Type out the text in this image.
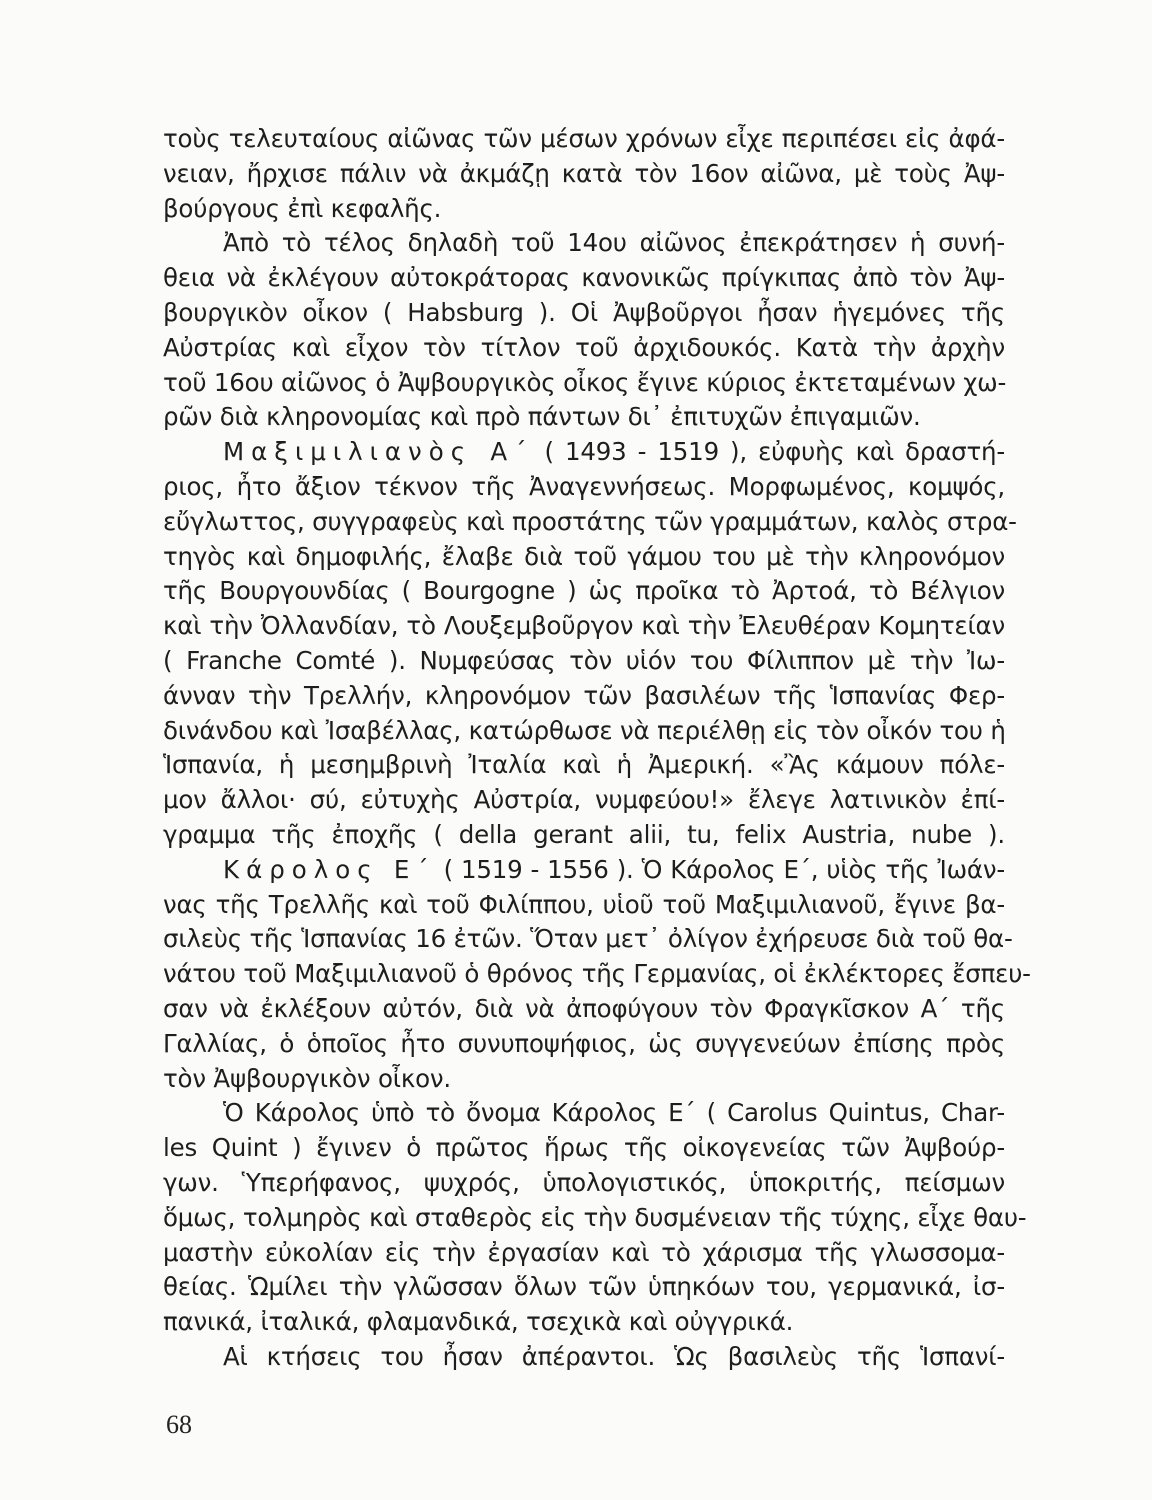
τοὺς τελευταίους αἰῶνας τῶν μέσων χρόνων εἶχε περιπέσει εἰς ἀφά-
νειαν, ἤρχισε πάλιν νὰ ἀκμάζῃ κατὰ τὸν 16ον αἰῶνα, μὲ τοὺς Ἀψ-
βούργους ἐπὶ κεφαλῆς.
Ἀπὸ τὸ τέλος δηλαδὴ τοῦ 14ου αἰῶνος ἐπεκράτησεν ἡ συνή-
θεια νὰ ἐκλέγουν αὐτοκράτορας κανονικῶς πρίγκιπας ἀπὸ τὸν Ἀψ-
βουργικὸν οἶκον ( Habsburg ). Οἱ Ἀψβοῦργοι ἦσαν ἡγεμόνες τῆς
Αὐστρίας καὶ εἶχον τὸν τίτλον τοῦ ἀρχιδουκός. Κατὰ τὴν ἀρχὴν
τοῦ 16ου αἰῶνος ὁ Ἀψβουργικὸς οἶκος ἔγινε κύριος ἐκτεταμένων χω-
ρῶν διὰ κληρονομίας καὶ πρὸ πάντων δι᾽ ἐπιτυχῶν ἐπιγαμιῶν.
Μαξιμιλιανὸς Α΄ ( 1493 - 1519 ), εὐφυὴς καὶ δραστή-
ριος, ἦτο ἄξιον τέκνον τῆς Ἀναγεννήσεως. Μορφωμένος, κομψός,
εὔγλωττος, συγγραφεὺς καὶ προστάτης τῶν γραμμάτων, καλὸς στρα-
τηγὸς καὶ δημοφιλής, ἔλαβε διὰ τοῦ γάμου του μὲ τὴν κληρονόμον
τῆς Βουργουνδίας ( Bourgogne ) ὡς προῖκα τὸ Ἀρτοά, τὸ Βέλγιον
καὶ τὴν Ὀλλανδίαν, τὸ Λουξεμβοῦργον καὶ τὴν Ἐλευθέραν Κομητείαν
( Franche Comté ). Νυμφεύσας τὸν υἱόν του Φίλιππον μὲ τὴν Ἰω-
άνναν τὴν Τρελλήν, κληρονόμον τῶν βασιλέων τῆς Ἱσπανίας Φερ-
δινάνδου καὶ Ἰσαβέλλας, κατώρθωσε νὰ περιέλθῃ εἰς τὸν οἶκόν του ἡ
Ἱσπανία, ἡ μεσημβρινὴ Ἰταλία καὶ ἡ Ἀμερική. «Ἂς κάμουν πόλε-
μον ἄλλοι· σύ, εὐτυχὴς Αὐστρία, νυμφεύου!» ἔλεγε λατινικὸν ἐπί-
γραμμα τῆς ἐποχῆς ( della gerant alii, tu, felix Austria, nube ).
Κάρολος Ε΄ ( 1519 - 1556 ). Ὁ Κάρολος Ε΄, υἱὸς τῆς Ἰωάν-
νας τῆς Τρελλῆς καὶ τοῦ Φιλίππου, υἱοῦ τοῦ Μαξιμιλιανοῦ, ἔγινε βα-
σιλεὺς τῆς Ἱσπανίας 16 ἐτῶν. Ὅταν μετ᾽ ὀλίγον ἐχήρευσε διὰ τοῦ θα-
νάτου τοῦ Μαξιμιλιανοῦ ὁ θρόνος τῆς Γερμανίας, οἱ ἐκλέκτορες ἔσπευ-
σαν νὰ ἐκλέξουν αὐτόν, διὰ νὰ ἀποφύγουν τὸν Φραγκῖσκον Α΄ τῆς
Γαλλίας, ὁ ὁποῖος ἦτο συνυποψήφιος, ὡς συγγενεύων ἐπίσης πρὸς
τὸν Ἀψβουργικὸν οἶκον.
Ὁ Κάρολος ὑπὸ τὸ ὄνομα Κάρολος Ε΄ ( Carolus Quintus, Char-
les Quint ) ἔγινεν ὁ πρῶτος ἥρως τῆς οἰκογενείας τῶν Ἀψβούρ-
γων. Ὑπερήφανος, ψυχρός, ὑπολογιστικός, ὑποκριτής, πείσμων
ὅμως, τολμηρὸς καὶ σταθερὸς εἰς τὴν δυσμένειαν τῆς τύχης, εἶχε θαυ-
μαστὴν εὐκολίαν εἰς τὴν ἐργασίαν καὶ τὸ χάρισμα τῆς γλωσσομα-
θείας. Ὡμίλει τὴν γλῶσσαν ὅλων τῶν ὑπηκόων του, γερμανικά, ἰσ-
πανικά, ἰταλικά, φλαμανδικά, τσεχικὰ καὶ οὐγγρικά.
Αἱ κτήσεις του ἦσαν ἀπέραντοι. Ὡς βασιλεὺς τῆς Ἱσπανί-
68
